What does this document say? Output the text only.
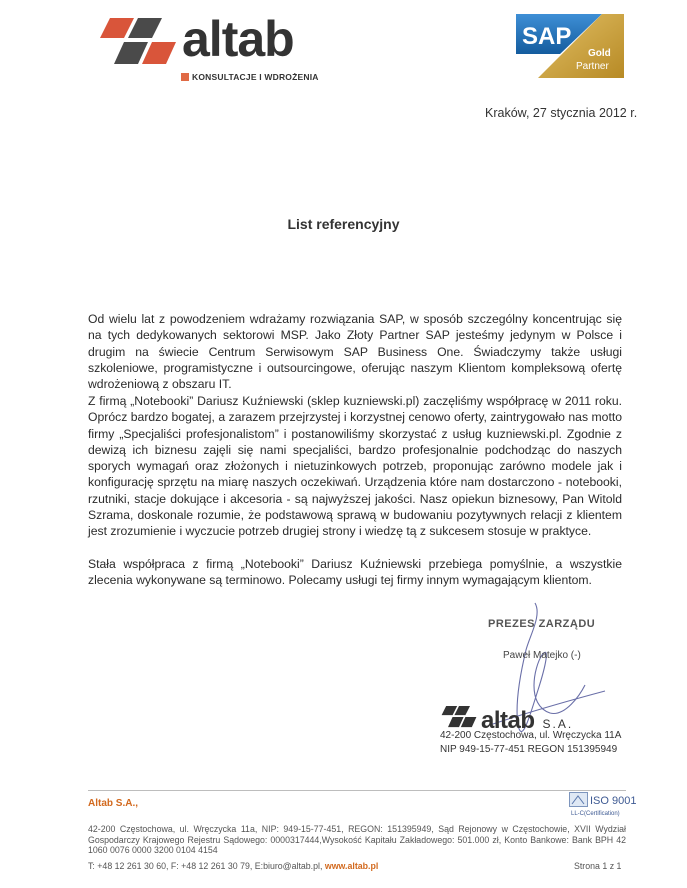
altab
KONSULTACJE I WDROŻENIA
SAP
Gold
Partner
Kraków, 27 stycznia 2012 r.
List referencyjny
Od wielu lat z powodzeniem wdrażamy rozwiązania SAP, w sposób szczególny koncentrując się na tych dedykowanych sektorowi MSP. Jako Złoty Partner SAP jesteśmy jedynym w Polsce i drugim na świecie Centrum Serwisowym SAP Business One. Świadczymy także usługi szkoleniowe, programistyczne i outsourcingowe, oferując naszym Klientom kompleksową ofertę wdrożeniową z obszaru IT.
Z firmą „Notebooki” Dariusz Kuźniewski (sklep kuzniewski.pl) zaczęliśmy współpracę w 2011 roku. Oprócz bardzo bogatej, a zarazem przejrzystej i korzystnej cenowo oferty, zaintrygowało nas motto firmy „Specjaliści profesjonalistom” i postanowiliśmy skorzystać z usług kuzniewski.pl. Zgodnie z dewizą ich biznesu zajęli się nami specjaliści, bardzo profesjonalnie podchodząc do naszych sporych wymagań oraz złożonych i nietuzinkowych potrzeb, proponując zarówno modele jak i konfigurację sprzętu na miarę naszych oczekiwań. Urządzenia które nam dostarczono - notebooki, rzutniki, stacje dokujące i akcesoria - są najwyższej jakości. Nasz opiekun biznesowy, Pan Witold Szrama, doskonale rozumie, że podstawową sprawą w budowaniu pozytywnych relacji z klientem jest zrozumienie i wyczucie potrzeb drugiej strony i wiedzę tą z sukcesem stosuje w praktyce.
Stała współpraca z firmą „Notebooki” Dariusz Kuźniewski przebiega pomyślnie, a wszystkie zlecenia wykonywane są terminowo. Polecamy usługi tej firmy innym wymagającym klientom.
PREZES ZARZĄDU
Paweł Matejko (-)
altab S.A.
42-200 Częstochowa, ul. Wręczycka 11A
NIP 949-15-77-451 REGON 151395949
Altab S.A.,	ISO 9001
LL-C(Certification)
42-200 Częstochowa, ul. Wręczycka 11a, NIP: 949-15-77-451, REGON: 151395949, Sąd Rejonowy w Częstochowie, XVII Wydział Gospodarczy Krajowego Rejestru Sądowego: 0000317444,Wysokość Kapitału Zakładowego: 501.000 zł, Konto Bankowe: Bank BPH 42 1060 0076 0000 3200 0104 4154
T: +48 12 261 30 60, F: +48 12 261 30 79, E:biuro@altab.pl, www.altab.pl	Strona 1 z 1
